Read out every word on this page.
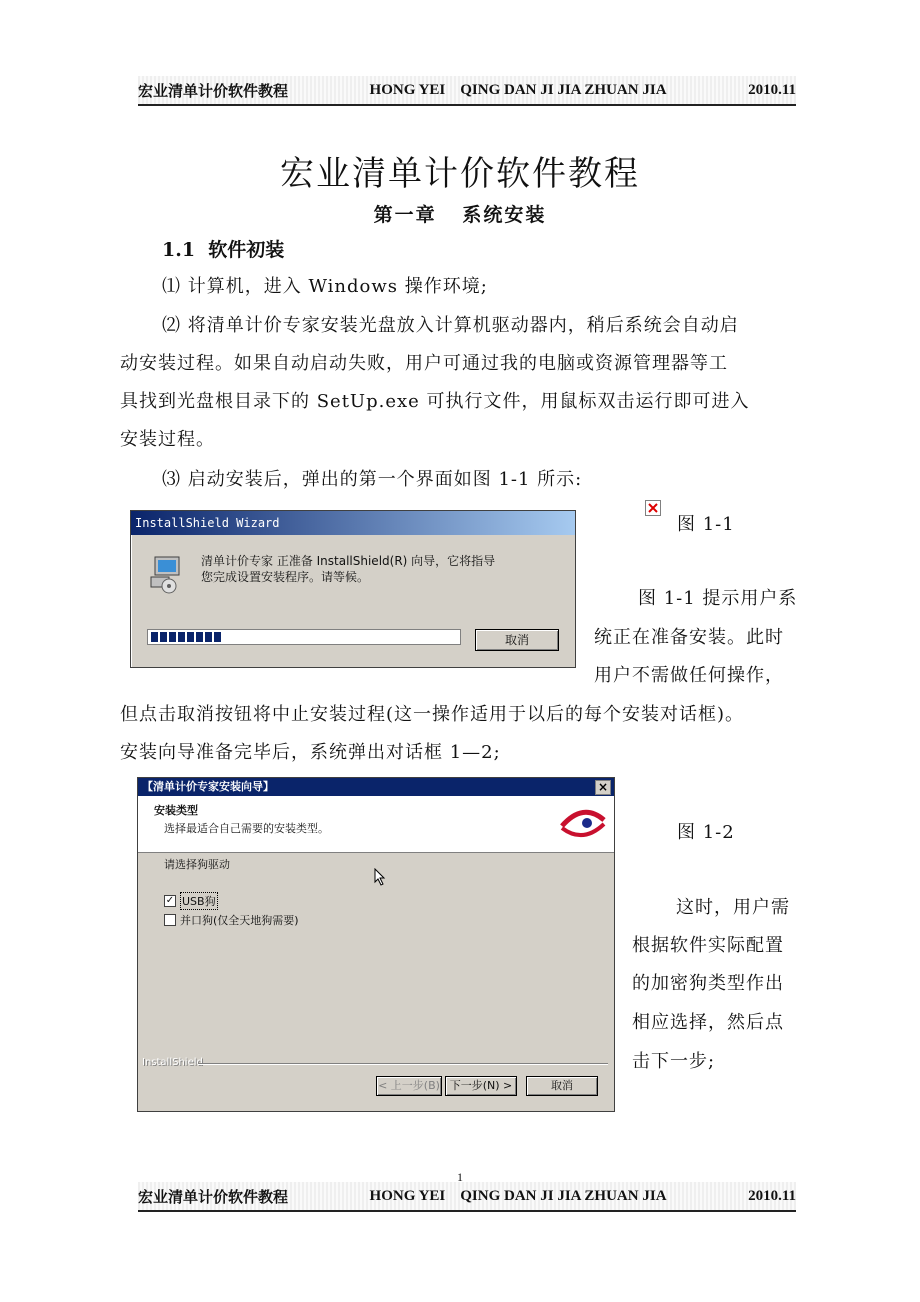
宏业清单计价软件教程	HONG YEI    QING DAN JI JIA ZHUAN JIA	2010.11
宏业清单计价软件教程
第一章   系统安装
1.1  软件初装
⑴ 计算机，进入 Windows 操作环境;
⑵ 将清单计价专家安装光盘放入计算机驱动器内，稍后系统会自动启
动安装过程。如果自动启动失败，用户可通过我的电脑或资源管理器等工
具找到光盘根目录下的 SetUp.exe 可执行文件，用鼠标双击运行即可进入
安装过程。
⑶ 启动安装后，弹出的第一个界面如图 1-1 所示:
InstallShield Wizard
清单计价专家 正准备 InstallShield(R) 向导，它将指导
您完成设置安装程序。请等候。
取消
图 1-1
图 1-1 提示用户系
统正在准备安装。此时
用户不需做任何操作，
但点击取消按钮将中止安装过程(这一操作适用于以后的每个安装对话框)。
安装向导准备完毕后，系统弹出对话框 1—2;
【清单计价专家安装向导】	×
安装类型
选择最适合自己需要的安装类型。
请选择狗驱动
✓ USB狗
并口狗(仅全天地狗需要)
InstallShield
< 上一步(B) 下一步(N) >	取消
图 1-2
这时，用户需
根据软件实际配置
的加密狗类型作出
相应选择，然后点
击下一步;
1
宏业清单计价软件教程	HONG YEI    QING DAN JI JIA ZHUAN JIA	2010.11
